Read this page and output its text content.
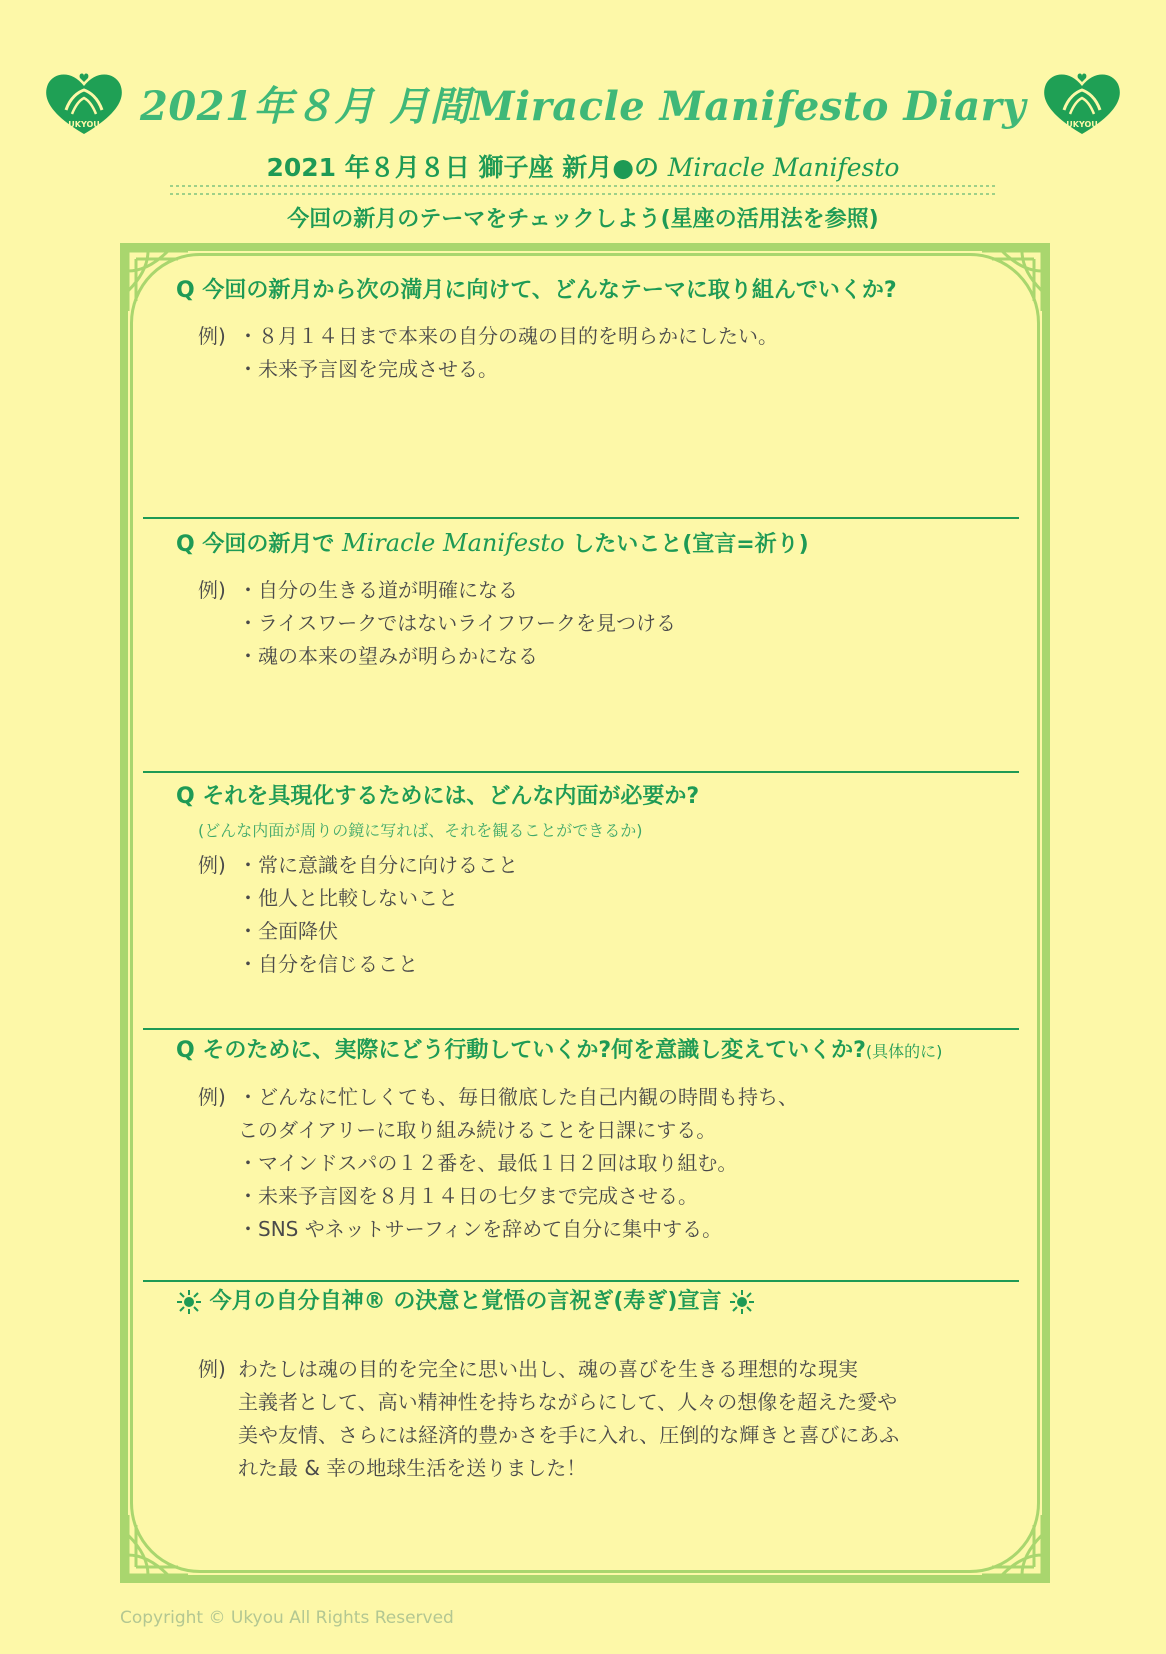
UKYOU 2021年８月 月間Miracle Manifesto Diary	UKYOU
2021 年８月８日 獅子座 新月●の Miracle Manifesto
今回の新月のテーマをチェックしよう(星座の活用法を参照)
Q 今回の新月から次の満月に向けて、どんなテーマに取り組んでいくか?
例) ・８月１４日まで本来の自分の魂の目的を明らかにしたい。
・未来予言図を完成させる。
Q 今回の新月で Miracle Manifesto したいこと(宣言=祈り)
例) ・自分の生きる道が明確になる
・ライスワークではないライフワークを見つける
・魂の本来の望みが明らかになる
Q それを具現化するためには、どんな内面が必要か?
(どんな内面が周りの鏡に写れば、それを観ることができるか)
例) ・常に意識を自分に向けること
・他人と比較しないこと
・全面降伏
・自分を信じること
Q そのために、実際にどう行動していくか?何を意識し変えていくか?(具体的に)
例) ・どんなに忙しくても、毎日徹底した自己内観の時間も持ち、
このダイアリーに取り組み続けることを日課にする。
・マインドスパの１２番を、最低１日２回は取り組む。
・未来予言図を８月１４日の七夕まで完成させる。
・SNS やネットサーフィンを辞めて自分に集中する。
今月の自分自神® の決意と覚悟の言祝ぎ(寿ぎ)宣言
例) わたしは魂の目的を完全に思い出し、魂の喜びを生きる理想的な現実
主義者として、高い精神性を持ちながらにして、人々の想像を超えた愛や
美や友情、さらには経済的豊かさを手に入れ、圧倒的な輝きと喜びにあふ
れた最 & 幸の地球生活を送りました！
Copyright © Ukyou All Rights Reserved
